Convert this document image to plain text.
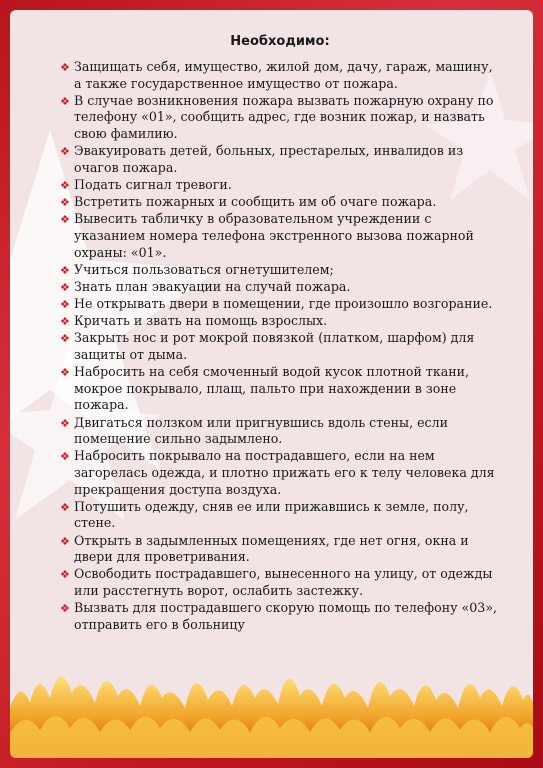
Необходимо:
❖ Защищать себя, имущество, жилой дом, дачу, гараж, машину, а также государственное имущество от пожара.
❖ В случае возникновения пожара вызвать пожарную охрану по телефону «01», сообщить адрес, где возник пожар, и назвать свою фамилию.
❖ Эвакуировать детей, больных, престарелых, инвалидов из очагов пожара.
❖ Подать сигнал тревоги.
❖ Встретить пожарных и сообщить им об очаге пожара.
❖ Вывесить табличку в образовательном учреждении с указанием номера телефона экстренного вызова пожарной охраны: «01».
❖ Учиться пользоваться огнетушителем;
❖ Знать план эвакуации на случай пожара.
❖ Не открывать двери в помещении, где произошло возгорание.
❖ Кричать и звать на помощь взрослых.
❖ Закрыть нос и рот мокрой повязкой (платком, шарфом) для защиты от дыма.
❖ Набросить на себя смоченный водой кусок плотной ткани, мокрое покрывало, плащ, пальто при нахождении в зоне пожара.
❖ Двигаться ползком или пригнувшись вдоль стены, если помещение сильно задымлено.
❖ Набросить покрывало на пострадавшего, если на нем загорелась одежда, и плотно прижать его к телу человека для прекращения доступа воздуха.
❖ Потушить одежду, сняв ее или прижавшись к земле, полу, стене.
❖ Открыть в задымленных помещениях, где нет огня, окна и двери для проветривания.
❖ Освободить пострадавшего, вынесенного на улицу, от одежды или расстегнуть ворот, ослабить застежку.
❖ Вызвать для пострадавшего скорую помощь по телефону «03», отправить его в больницу
